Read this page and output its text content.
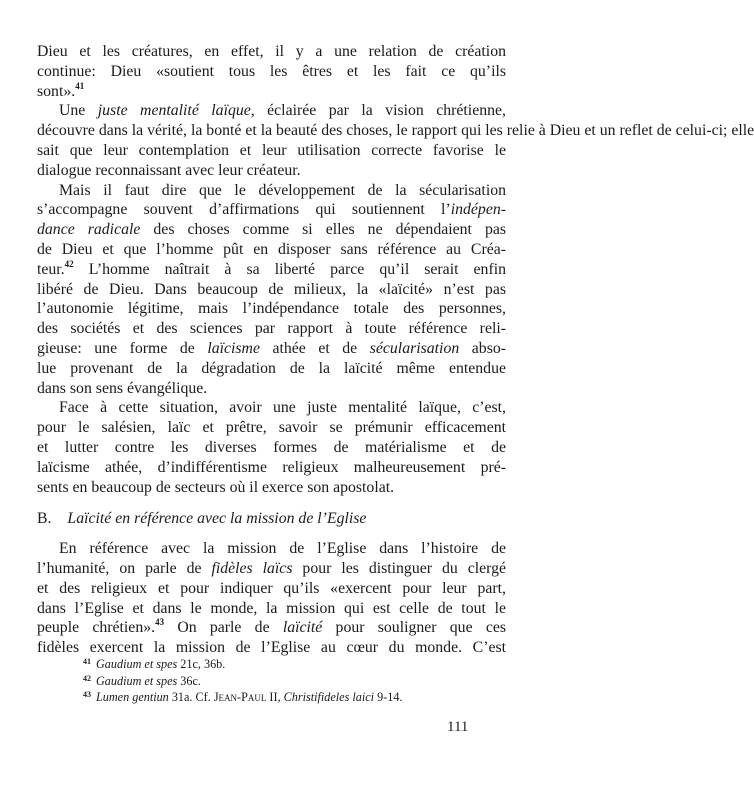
Dieu et les créatures, en effet, il y a une relation de création
continue: Dieu «soutient tous les êtres et les fait ce qu’ils
sont».$^{41}$
Une juste mentalité laïque, éclairée par la vision chrétienne,
découvre dans la vérité, la bonté et la beauté des choses, le rapport qui les relie à Dieu et un reflet de celui-ci; elle
sait que leur contemplation et leur utilisation correcte favorise le
dialogue reconnaissant avec leur créateur.
Mais il faut dire que le développement de la sécularisation
s’accompagne souvent d’affirmations qui soutiennent l’indépen-
dance radicale des choses comme si elles ne dépendaient pas
de Dieu et que l’homme pût en disposer sans référence au Créa-
teur.$^{42}$ L’homme naîtrait à sa liberté parce qu’il serait enfin
libéré de Dieu. Dans beaucoup de milieux, la «laïcité» n’est pas
l’autonomie légitime, mais l’indépendance totale des personnes,
des sociétés et des sciences par rapport à toute référence reli-
gieuse: une forme de laïcisme athée et de sécularisation abso-
lue provenant de la dégradation de la laïcité même entendue
dans son sens évangélique.
Face à cette situation, avoir une juste mentalité laïque, c’est,
pour le salésien, laïc et prêtre, savoir se prémunir efficacement
et lutter contre les diverses formes de matérialisme et de
laïcisme athée, d’indifférentisme religieux malheureusement pré-
sents en beaucoup de secteurs où il exerce son apostolat.
B. Laïcité en référence avec la mission de l’Eglise
En référence avec la mission de l’Eglise dans l’histoire de
l’humanité, on parle de fidèles laïcs pour les distinguer du clergé
et des religieux et pour indiquer qu’ils «exercent pour leur part,
dans l’Eglise et dans le monde, la mission qui est celle de tout le
peuple chrétien».$^{43}$ On parle de laïcité pour souligner que ces
fidèles exercent la mission de l’Eglise au cœur du monde. C’est
41 Gaudium et spes 21c, 36b.
42 Gaudium et spes 36c.
43 Lumen gentiun 31a. Cf. Jean-Paul II, Christifideles laici 9-14.
111
